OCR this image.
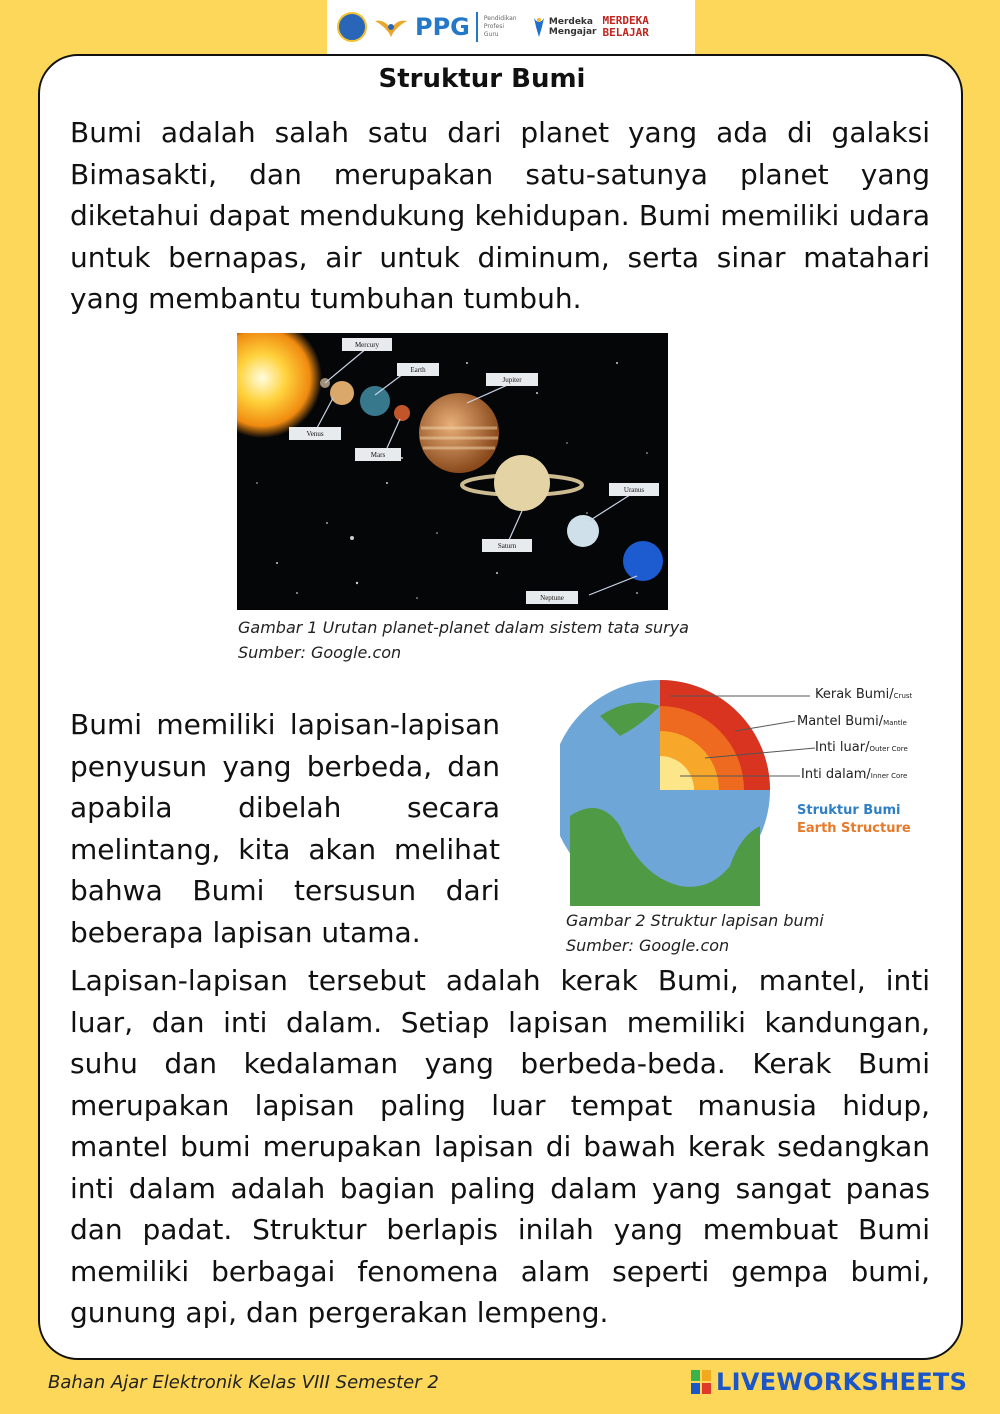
PPG Pendidikan
Profesi
Guru
Merdeka
Mengajar
MERDEKA
BELAJAR
Struktur Bumi

Bumi adalah salah satu dari planet yang ada di galaksi Bimasakti, dan merupakan satu-satunya planet yang diketahui dapat mendukung kehidupan. Bumi memiliki udara untuk bernapas, air untuk diminum, serta sinar matahari yang membantu tumbuhan tumbuh.

Mercury
Earth
Jupiter
Venus
Mars
Uranus
Saturn
Neptune
Gambar 1 Urutan planet-planet dalam sistem tata surya
Sumber: Google.con

Bumi memiliki lapisan-lapisan penyusun yang berbeda, dan apabila dibelah secara melintang, kita akan melihat bahwa Bumi tersusun dari beberapa lapisan utama.

Kerak Bumi/Crust
Mantel Bumi/Mantle
Inti luar/Outer Core
Inti dalam/Inner Core
Struktur Bumi
Earth Structure
Gambar 2 Struktur lapisan bumi
Sumber: Google.con

Lapisan-lapisan tersebut adalah kerak Bumi, mantel, inti luar, dan inti dalam. Setiap lapisan memiliki kandungan, suhu dan kedalaman yang berbeda-beda. Kerak Bumi merupakan lapisan paling luar tempat manusia hidup, mantel bumi merupakan lapisan di bawah kerak sedangkan inti dalam adalah bagian paling dalam yang sangat panas dan padat. Struktur berlapis inilah yang membuat Bumi memiliki berbagai fenomena alam seperti gempa bumi, gunung api, dan pergerakan lempeng.

Bahan Ajar Elektronik Kelas VIII Semester 2	LIVEWORKSHEETS
